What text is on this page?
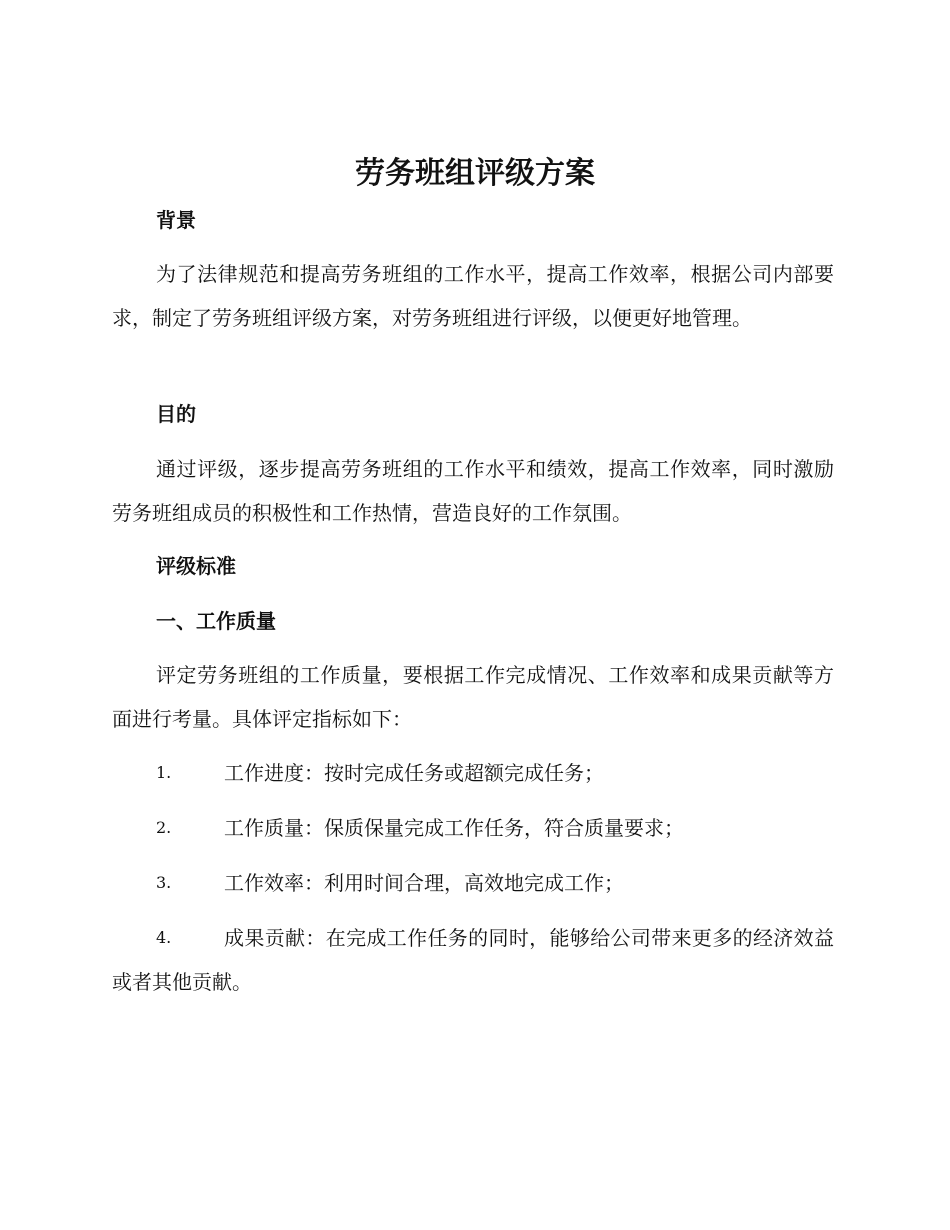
劳务班组评级方案
背景
为了法律规范和提高劳务班组的工作水平，提高工作效率，根据公司内部要求，制定了劳务班组评级方案，对劳务班组进行评级，以便更好地管理。
目的
通过评级，逐步提高劳务班组的工作水平和绩效，提高工作效率，同时激励劳务班组成员的积极性和工作热情，营造良好的工作氛围。
评级标准
一、工作质量
评定劳务班组的工作质量，要根据工作完成情况、工作效率和成果贡献等方面进行考量。具体评定指标如下：
1.	工作进度：按时完成任务或超额完成任务；
2.	工作质量：保质保量完成工作任务，符合质量要求；
3.	工作效率：利用时间合理，高效地完成工作；
4.	成果贡献：在完成工作任务的同时，能够给公司带来更多的经济效益或者其他贡献。
